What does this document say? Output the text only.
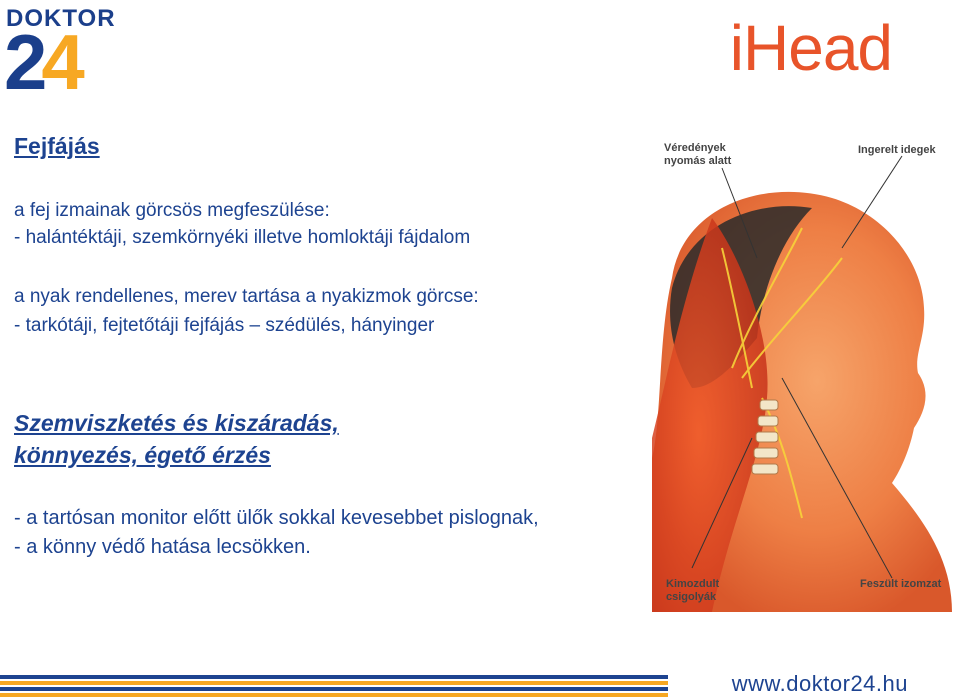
DOKTOR
24	iHead
Fejfájás
a fej izmainak görcsös megfeszülése:
- halántéktáji, szemkörnyéki illetve homloktáji fájdalom
a nyak rendellenes, merev tartása a nyakizmok görcse:
- tarkótáji, fejtetőtáji fejfájás – szédülés, hányinger
Szemviszketés és kiszáradás,
könnyezés, égető érzés
- a tartósan monitor előtt ülők sokkal kevesebbet pislognak,
- a könny védő hatása lecsökken.
Véredények
nyomás alatt
Ingerelt idegek
Kimozdult
csigolyák
Feszült izomzat
www.doktor24.hu
